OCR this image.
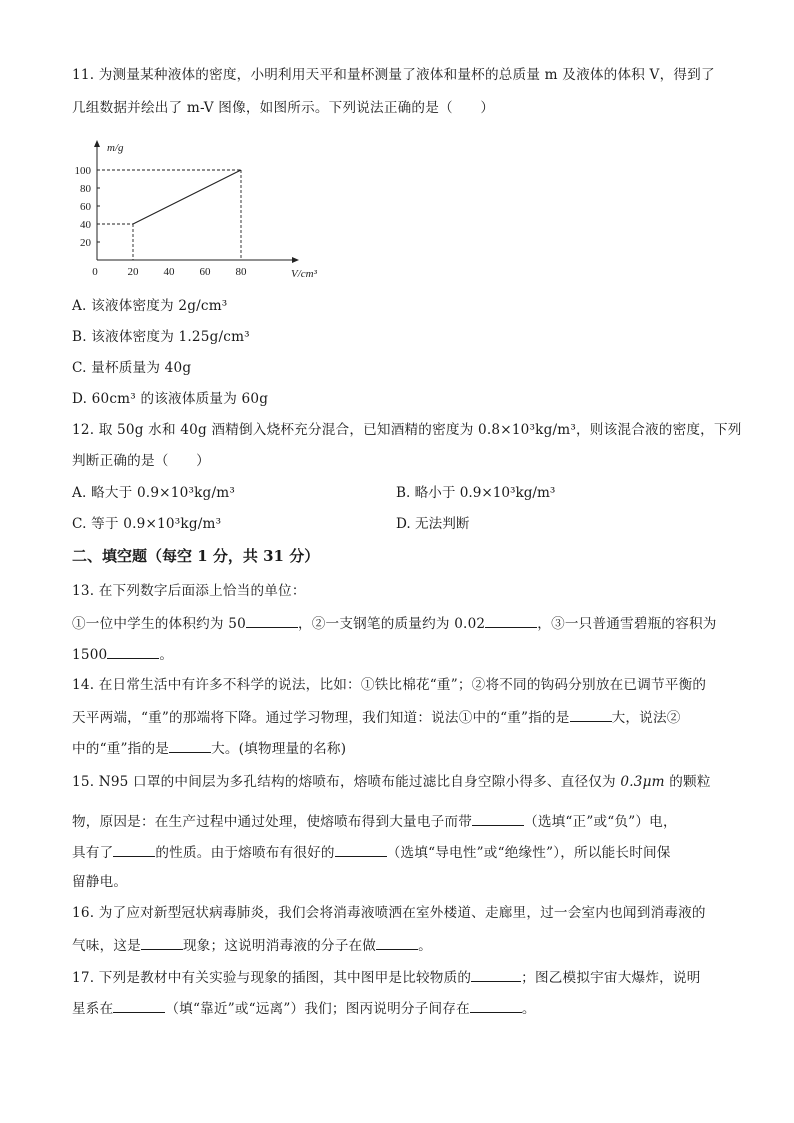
11. 为测量某种液体的密度，小明利用天平和量杯测量了液体和量杯的总质量 m 及液体的体积 V，得到了
几组数据并绘出了 m-V 图像，如图所示。下列说法正确的是（　　）
m/g
V/cm³
0	20 40 60 80
20
40
60
80
100
A. 该液体密度为 2g/cm³
B. 该液体密度为 1.25g/cm³
C. 量杯质量为 40g
D. 60cm³ 的该液体质量为 60g
12. 取 50g 水和 40g 酒精倒入烧杯充分混合，已知酒精的密度为 0.8×10³kg/m³，则该混合液的密度，下列
判断正确的是（　　）
A. 略大于 0.9×10³kg/m³	B. 略小于 0.9×10³kg/m³
C. 等于 0.9×10³kg/m³	D. 无法判断
二、填空题（每空 1 分，共 31 分）
13. 在下列数字后面添上恰当的单位：
①一位中学生的体积约为 50	，②一支钢笔的质量约为 0.02	，③一只普通雪碧瓶的容积为
1500	。
14. 在日常生活中有许多不科学的说法，比如：①铁比棉花“重”；②将不同的钩码分别放在已调节平衡的
天平两端，“重”的那端将下降。通过学习物理，我们知道：说法①中的“重”指的是	大，说法②
中的“重”指的是	大。(填物理量的名称)
15. N95 口罩的中间层为多孔结构的熔喷布，熔喷布能过滤比自身空隙小得多、直径仅为 0.3μm 的颗粒
物，原因是：在生产过程中通过处理，使熔喷布得到大量电子而带	（选填“正”或“负”）电，
具有了	的性质。由于熔喷布有很好的	（选填“导电性”或“绝缘性”），所以能长时间保
留静电。
16. 为了应对新型冠状病毒肺炎，我们会将消毒液喷洒在室外楼道、走廊里，过一会室内也闻到消毒液的
气味，这是	现象；这说明消毒液的分子在做	。
17. 下列是教材中有关实验与现象的插图，其中图甲是比较物质的	；图乙模拟宇宙大爆炸，说明
星系在	（填“靠近”或“远离”）我们；图丙说明分子间存在	。
